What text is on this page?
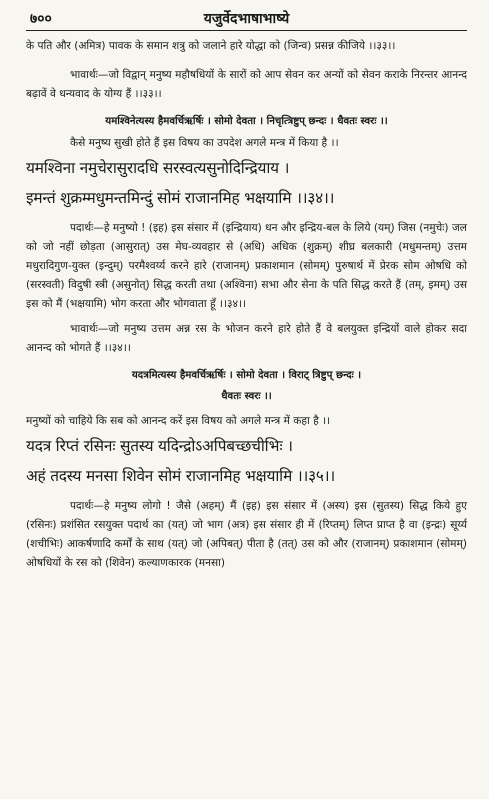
७००	यजुर्वेदभाषाभाष्ये

के पति और (अमित्र) पावक के समान शत्रु को जलाने हारे योद्धा को (जिन्व) प्रसन्न कीजिये ।।३३।।

भावार्थः—जो विद्वान् मनुष्य महौषधियों के सारों को आप सेवन कर अन्यों को सेवन कराके निरन्तर आनन्द बढ़ावें वे धन्यवाद के योग्य हैं ।।३३।।

यमश्विनेत्यस्य हैमवर्चिऋर्षिः । सोमो देवता । निचृत्त्रिष्टुप् छन्दः । धैवतः स्वरः ।।

कैसे मनुष्य सुखी होते हैं इस विषय का उपदेश अगले मन्त्र में किया है ।।

यमश्विना नमुचेरासुरादधि सरस्वत्यसुनोदिन्द्रियाय ।

इमन्तं शुक्रम्मधुमन्तमिन्दुं सोमं राजानमिह भक्षयामि ।।३४।।

पदार्थः—हे मनुष्यो ! (इह) इस संसार में (इन्द्रियाय) धन और इन्द्रिय-बल के लिये (यम्) जिस (नमुचेः) जल को जो नहीं छोड़ता (आसुरात्) उस मेघ-व्यवहार से (अधि) अधिक (शुक्रम्) शीघ्र बलकारी (मधुमन्तम्) उत्तम मधुरादिगुण-युक्त (इन्दुम्) परमैश्वर्य्य करने हारे (राजानम्) प्रकाशमान (सोमम्) पुरुषार्थ में प्रेरक सोम ओषधि को (सरस्वती) विदुषी स्त्री (असुनोत्) सिद्ध करती तथा (अश्विना) सभा और सेना के पति सिद्ध करते हैं (तम्, इमम्) उस इस को मैं (भक्षयामि) भोग करता और भोगवाता हूँ ।।३४।।

भावार्थः—जो मनुष्य उत्तम अन्न रस के भोजन करने हारे होते हैं वे बलयुक्त इन्द्रियों वाले होकर सदा आनन्द को भोगते हैं ।।३४।।

यदत्रमित्यस्य हैमवर्चिऋर्षिः । सोमो देवता । विराट् त्रिष्टुप् छन्दः ।

धैवतः स्वरः ।।

मनुष्यों को चाहिये कि सब को आनन्द करें इस विषय को अगले मन्त्र में कहा है ।।

यदत्र रिप्तं रसिनः सुतस्य यदिन्द्रोऽअपिबच्छचीभिः ।

अहं तदस्य मनसा शिवेन सोमं राजानमिह भक्षयामि ।।३५।।

पदार्थः—हे मनुष्य लोगो ! जैसे (अहम्) मैं (इह) इस संसार में (अस्य) इस (सुतस्य) सिद्ध किये हुए (रसिनः) प्रशंसित रसयुक्त पदार्थ का (यत्) जो भाग (अत्र) इस संसार ही में (रिप्तम्) लिप्त प्राप्त है वा (इन्द्रः) सूर्य्य (शचीभिः) आकर्षणादि कर्मों के साथ (यत्) जो (अपिबत्) पीता है (तत्) उस को और (राजानम्) प्रकाशमान (सोमम्) ओषधियों के रस को (शिवेन) कल्याणकारक (मनसा)
